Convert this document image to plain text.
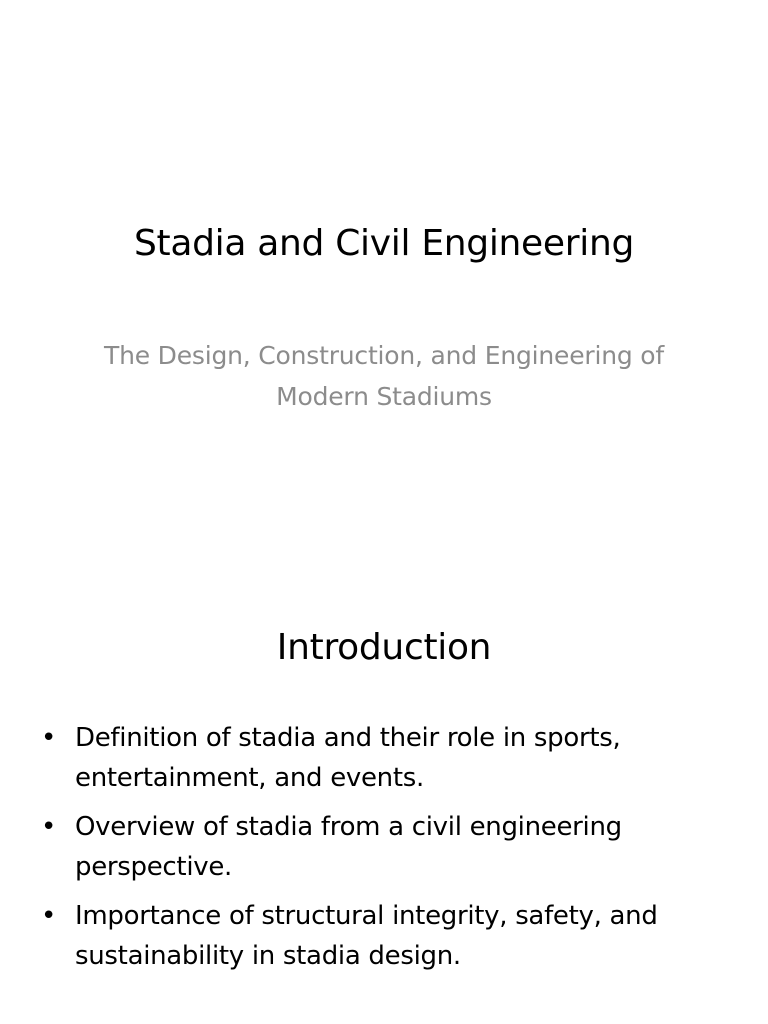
Stadia and Civil Engineering
The Design, Construction, and Engineering of Modern Stadiums
Introduction
• Definition of stadia and their role in sports, entertainment, and events.
• Overview of stadia from a civil engineering perspective.
• Importance of structural integrity, safety, and sustainability in stadia design.
